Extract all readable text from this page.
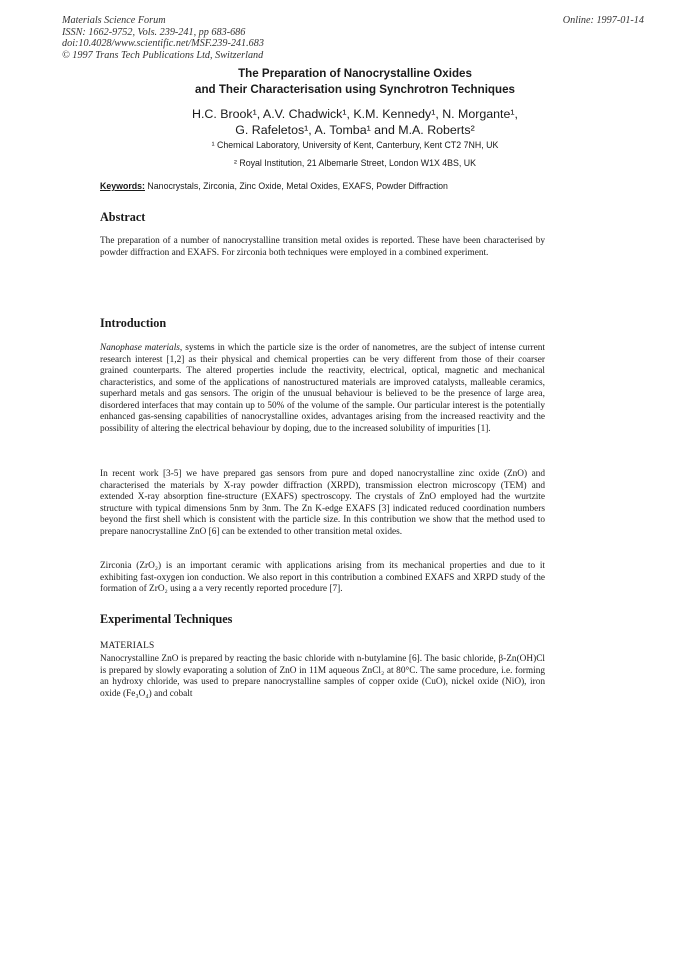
Materials Science Forum
ISSN: 1662-9752, Vols. 239-241, pp 683-686
doi:10.4028/www.scientific.net/MSF.239-241.683
© 1997 Trans Tech Publications Ltd, Switzerland
Online: 1997-01-14
The Preparation of Nanocrystalline Oxides
and Their Characterisation using Synchrotron Techniques
H.C. Brook¹, A.V. Chadwick¹, K.M. Kennedy¹, N. Morgante¹,
G. Rafeletos¹, A. Tomba¹ and M.A. Roberts²
¹ Chemical Laboratory, University of Kent, Canterbury, Kent CT2 7NH, UK
² Royal Institution, 21 Albemarle Street, London W1X 4BS, UK
Keywords: Nanocrystals, Zirconia, Zinc Oxide, Metal Oxides, EXAFS, Powder Diffraction
Abstract

The preparation of a number of nanocrystalline transition metal oxides is reported. These have been characterised by powder diffraction and EXAFS. For zirconia both techniques were employed in a combined experiment.

Introduction

Nanophase materials, systems in which the particle size is the order of nanometres, are the subject of intense current research interest [1,2] as their physical and chemical properties can be very different from those of their coarser grained counterparts. The altered properties include the reactivity, electrical, optical, magnetic and mechanical characteristics, and some of the applications of nanostructured materials are improved catalysts, malleable ceramics, superhard metals and gas sensors. The origin of the unusual behaviour is believed to be the presence of large area, disordered interfaces that may contain up to 50% of the volume of the sample. Our particular interest is the potentially enhanced gas-sensing capabilities of nanocrystalline oxides, advantages arising from the increased reactivity and the possibility of altering the electrical behaviour by doping, due to the increased solubility of impurities [1].

In recent work [3-5] we have prepared gas sensors from pure and doped nanocrystalline zinc oxide (ZnO) and characterised the materials by X-ray powder diffraction (XRPD), transmission electron microscopy (TEM) and extended X-ray absorption fine-structure (EXAFS) spectroscopy. The crystals of ZnO employed had the wurtzite structure with typical dimensions 5nm by 3nm. The Zn K-edge EXAFS [3] indicated reduced coordination numbers beyond the first shell which is consistent with the particle size. In this contribution we show that the method used to prepare nanocrystalline ZnO [6] can be extended to other transition metal oxides.

Zirconia (ZrO₂) is an important ceramic with applications arising from its mechanical properties and due to it exhibiting fast-oxygen ion conduction. We also report in this contribution a combined EXAFS and XRPD study of the formation of ZrO₂ using a a very recently reported procedure [7].

Experimental Techniques
MATERIALS

Nanocrystalline ZnO is prepared by reacting the basic chloride with n-butylamine [6]. The basic chloride, β-Zn(OH)Cl is prepared by slowly evaporating a solution of ZnO in 11M aqueous ZnCl₂ at 80°C. The same procedure, i.e. forming an hydroxy chloride, was used to prepare nanocrystalline samples of copper oxide (CuO), nickel oxide (NiO), iron oxide (Fe₃O₄) and cobalt
